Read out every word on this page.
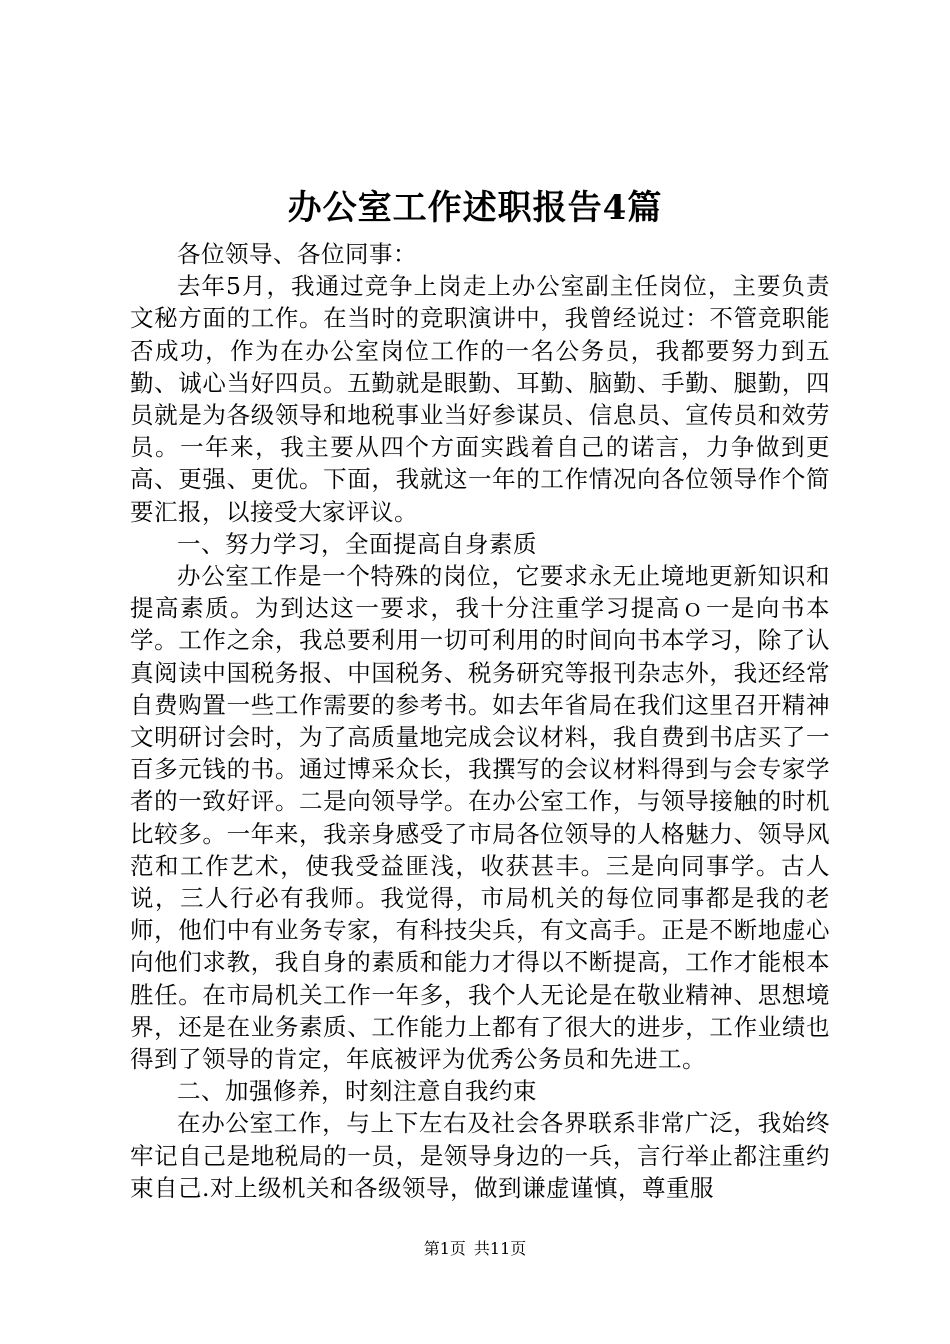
办公室工作述职报告4篇

各位领导、各位同事：

去年5月，我通过竞争上岗走上办公室副主任岗位，主要负责文秘方面的工作。在当时的竞职演讲中，我曾经说过：不管竞职能否成功，作为在办公室岗位工作的一名公务员，我都要努力到五勤、诚心当好四员。五勤就是眼勤、耳勤、脑勤、手勤、腿勤，四员就是为各级领导和地税事业当好参谋员、信息员、宣传员和效劳员。一年来，我主要从四个方面实践着自己的诺言，力争做到更高、更强、更优。下面，我就这一年的工作情况向各位领导作个简要汇报，以接受大家评议。

一、努力学习，全面提高自身素质

办公室工作是一个特殊的岗位，它要求永无止境地更新知识和提高素质。为到达这一要求，我十分注重学习提高ｏ一是向书本学。工作之余，我总要利用一切可利用的时间向书本学习，除了认真阅读中国税务报、中国税务、税务研究等报刊杂志外，我还经常自费购置一些工作需要的参考书。如去年省局在我们这里召开精神文明研讨会时，为了高质量地完成会议材料，我自费到书店买了一百多元钱的书。通过博采众长，我撰写的会议材料得到与会专家学者的一致好评。二是向领导学。在办公室工作，与领导接触的时机比较多。一年来，我亲身感受了市局各位领导的人格魅力、领导风范和工作艺术，使我受益匪浅，收获甚丰。三是向同事学。古人说，三人行必有我师。我觉得，市局机关的每位同事都是我的老师，他们中有业务专家，有科技尖兵，有文高手。正是不断地虚心向他们求教，我自身的素质和能力才得以不断提高，工作才能根本胜任。在市局机关工作一年多，我个人无论是在敬业精神、思想境界，还是在业务素质、工作能力上都有了很大的进步，工作业绩也得到了领导的肯定，年底被评为优秀公务员和先进工。

二、加强修养，时刻注意自我约束

在办公室工作，与上下左右及社会各界联系非常广泛，我始终牢记自己是地税局的一员，是领导身边的一兵，言行举止都注重约束自己.对上级机关和各级领导，做到谦虚谨慎，尊重服

第1页 共11页
